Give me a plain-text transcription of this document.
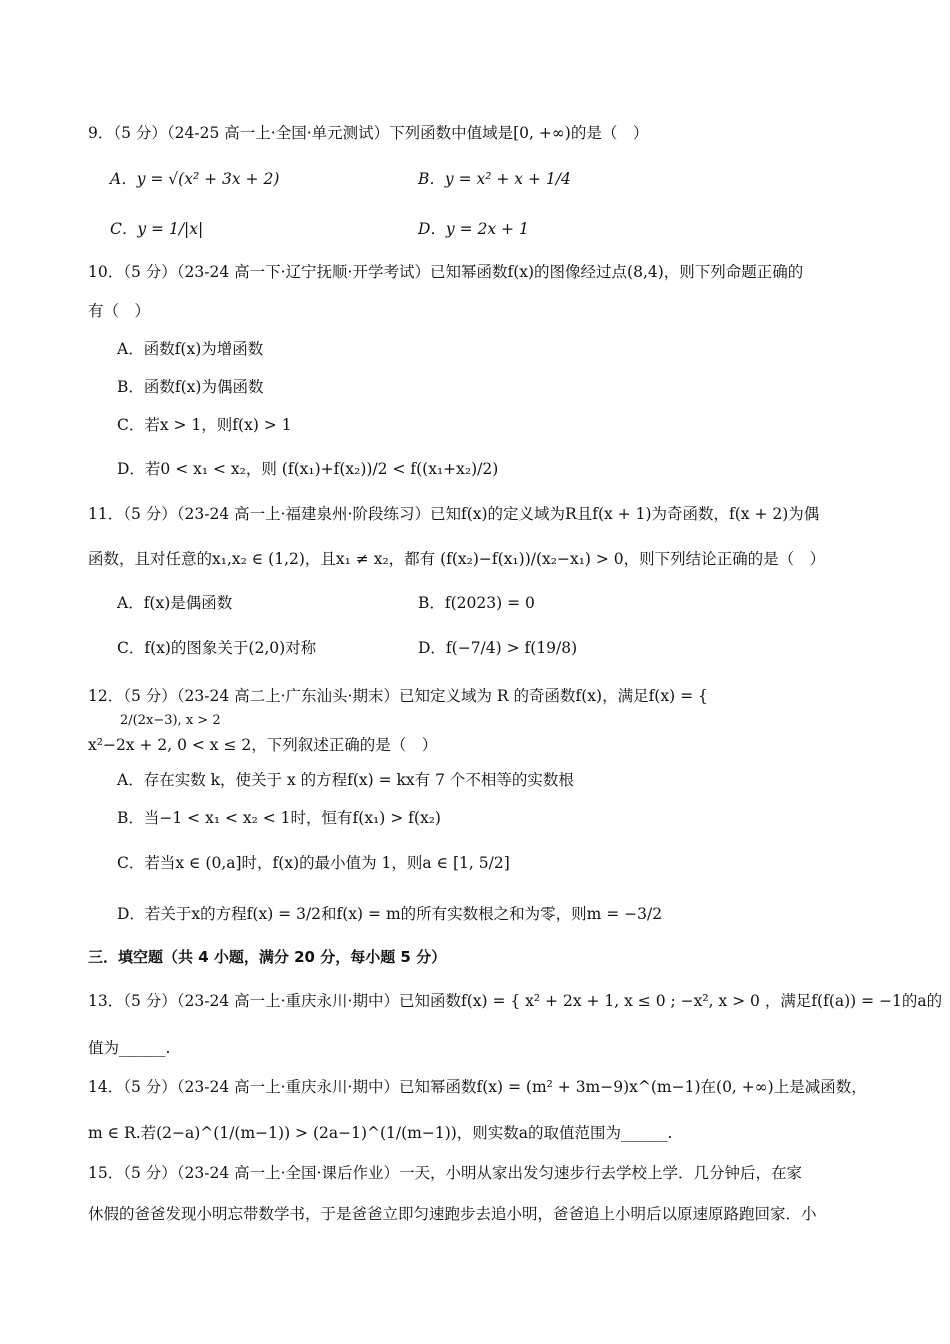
9．（5 分）（24-25 高一上·全国·单元测试）下列函数中值域是[0, +∞)的是（　）
A．y = √(x² + 3x + 2)	B．y = x² + x + 1/4
C．y = 1/|x|	D．y = 2x + 1
10．（5 分）（23-24 高一下·辽宁抚顺·开学考试）已知幂函数f(x)的图像经过点(8,4)，则下列命题正确的
有（　）
A．函数f(x)为增函数
B．函数f(x)为偶函数
C．若x > 1，则f(x) > 1
D．若0 < x₁ < x₂，则 (f(x₁)+f(x₂))/2 < f((x₁+x₂)/2)
11．（5 分）（23-24 高一上·福建泉州·阶段练习）已知f(x)的定义域为R且f(x + 1)为奇函数，f(x + 2)为偶
函数，且对任意的x₁,x₂ ∈ (1,2)，且x₁ ≠ x₂，都有 (f(x₂)−f(x₁))/(x₂−x₁) > 0，则下列结论正确的是（　）
A．f(x)是偶函数	B．f(2023) = 0
C．f(x)的图象关于(2,0)对称	D．f(−7/4) > f(19/8)
12．（5 分）（23-24 高二上·广东汕头·期末）已知定义域为 R 的奇函数f(x)，满足f(x) = {
2/(2x−3), x > 2
x²−2x + 2, 0 < x ≤ 2，下列叙述正确的是（　）
A．存在实数 k，使关于 x 的方程f(x) = kx有 7 个不相等的实数根
B．当−1 < x₁ < x₂ < 1时，恒有f(x₁) > f(x₂)
C．若当x ∈ (0,a]时，f(x)的最小值为 1，则a ∈ [1, 5/2]
D．若关于x的方程f(x) = 3/2和f(x) = m的所有实数根之和为零，则m = −3/2
三．填空题（共 4 小题，满分 20 分，每小题 5 分）
13．（5 分）（23-24 高一上·重庆永川·期中）已知函数f(x) = { x² + 2x + 1, x ≤ 0 ; −x², x > 0 ，满足f(f(a)) = −1的a的
值为______.
14．（5 分）（23-24 高一上·重庆永川·期中）已知幂函数f(x) = (m² + 3m−9)x^(m−1)在(0, +∞)上是减函数，
m ∈ R.若(2−a)^(1/(m−1)) > (2a−1)^(1/(m−1))，则实数a的取值范围为______.
15．（5 分）（23-24 高一上·全国·课后作业）一天，小明从家出发匀速步行去学校上学．几分钟后，在家
休假的爸爸发现小明忘带数学书，于是爸爸立即匀速跑步去追小明，爸爸追上小明后以原速原路跑回家．小
